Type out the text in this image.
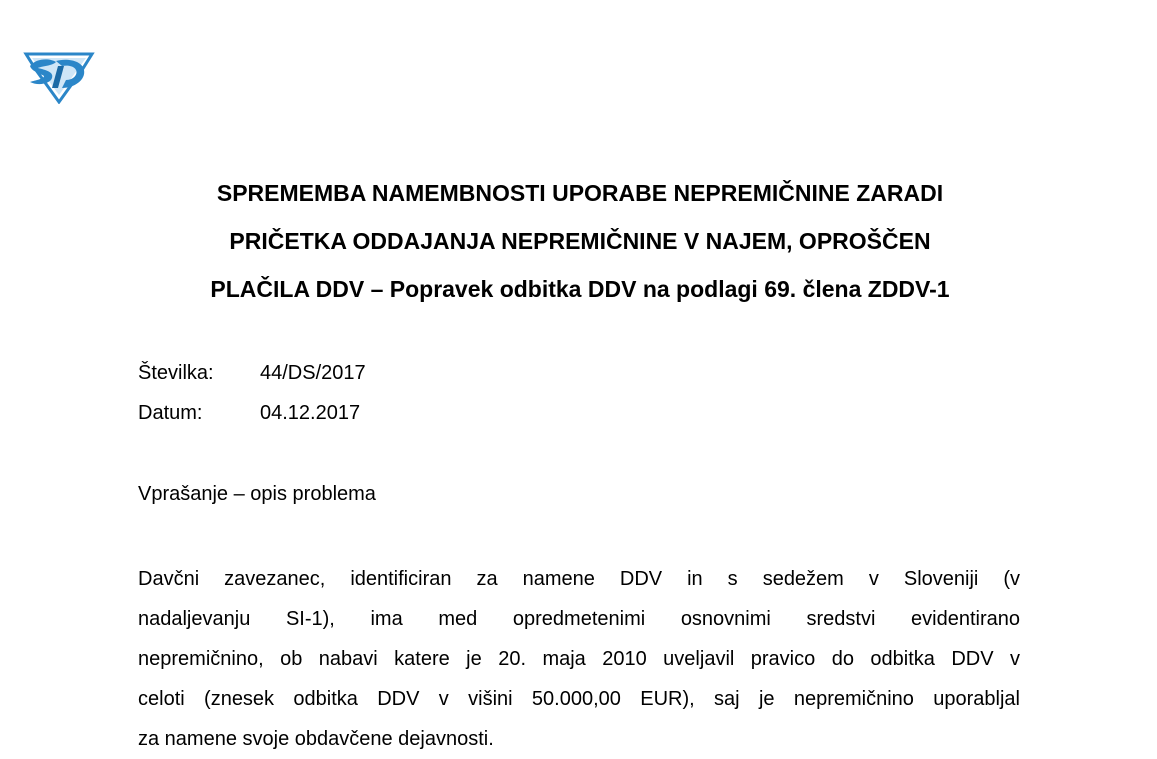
SPREMEMBA NAMEMBNOSTI UPORABE NEPREMIČNINE ZARADI
PRIČETKA ODDAJANJA NEPREMIČNINE V NAJEM, OPROŠČEN
PLAČILA DDV – Popravek odbitka DDV na podlagi 69. člena ZDDV-1
Številka: 44/DS/2017
Datum:	04.12.2017
Vprašanje – opis problema
Davčni zavezanec, identificiran za namene DDV in s sedežem v Sloveniji (v
nadaljevanju SI-1), ima med opredmetenimi osnovnimi sredstvi evidentirano
nepremičnino, ob nabavi katere je 20. maja 2010 uveljavil pravico do odbitka DDV v
celoti (znesek odbitka DDV v višini 50.000,00 EUR), saj je nepremičnino uporabljal
za namene svoje obdavčene dejavnosti.
